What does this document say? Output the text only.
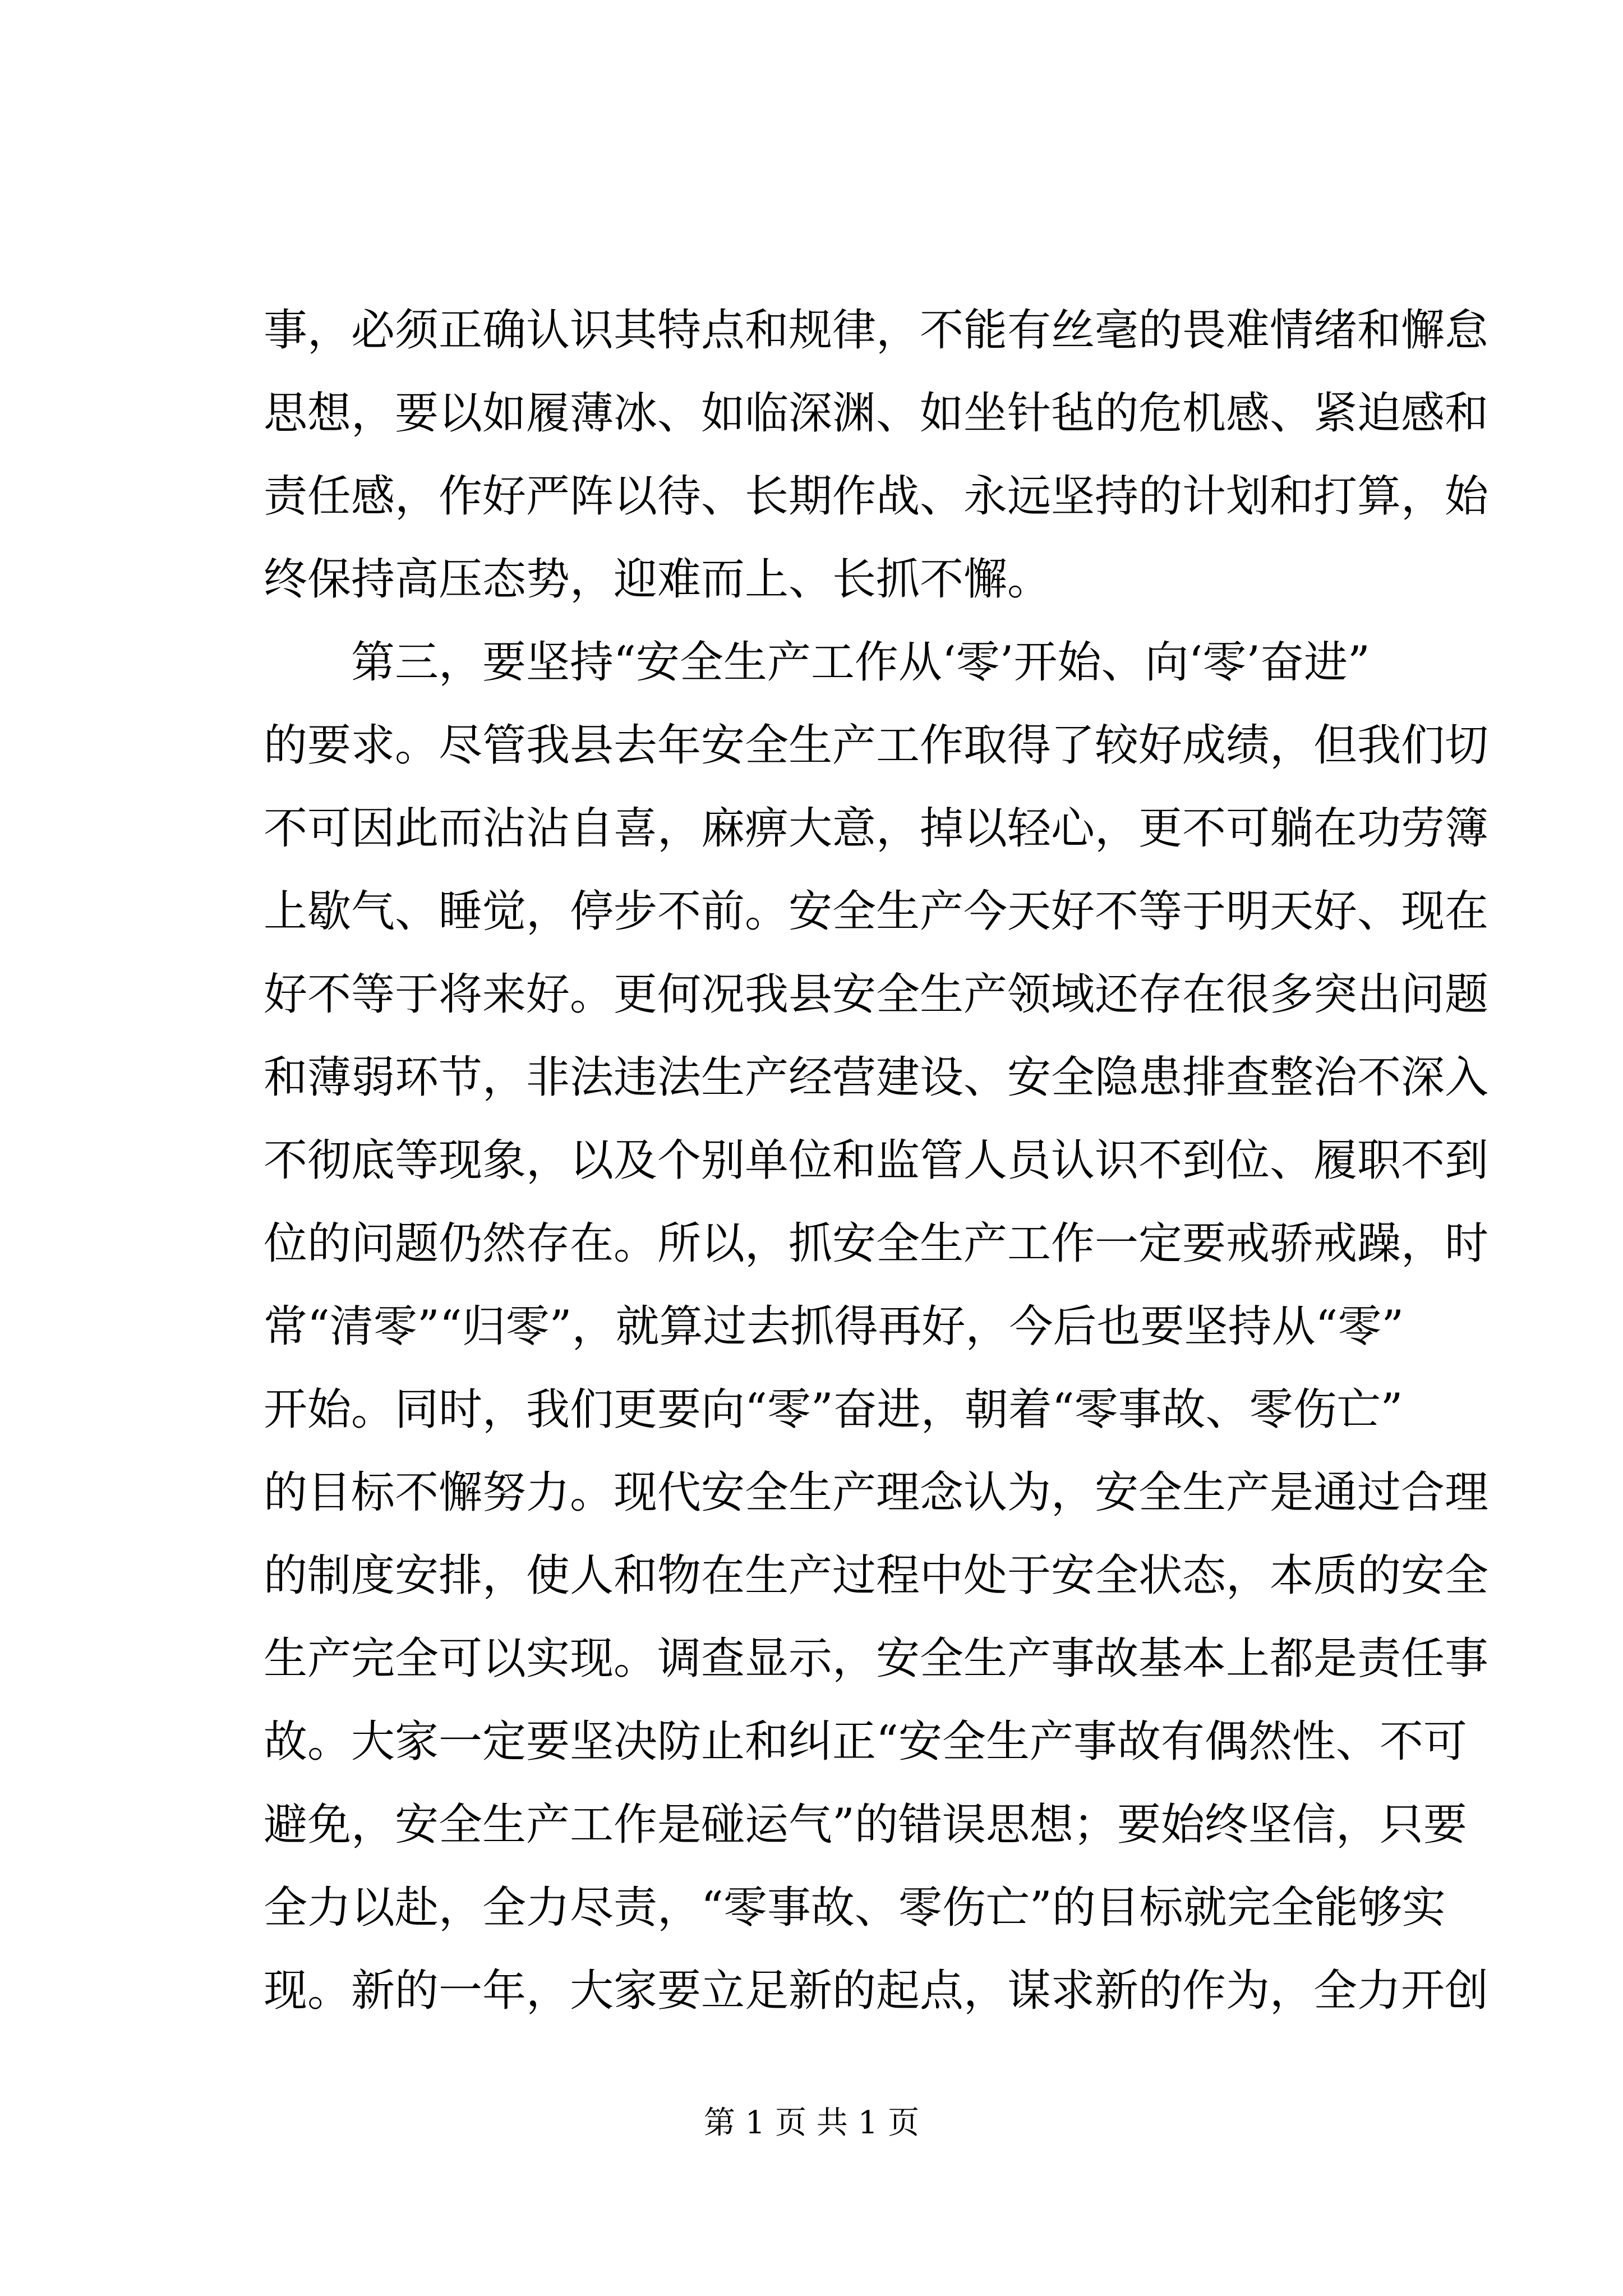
事，必须正确认识其特点和规律，不能有丝毫的畏难情绪和懈怠
思想，要以如履薄冰、如临深渊、如坐针毡的危机感、紧迫感和
责任感，作好严阵以待、长期作战、永远坚持的计划和打算，始
终保持高压态势，迎难而上、长抓不懈。
　　第三，要坚持“安全生产工作从‘零’开始、向‘零’奋进”
的要求。尽管我县去年安全生产工作取得了较好成绩，但我们切
不可因此而沾沾自喜，麻痹大意，掉以轻心，更不可躺在功劳簿
上歇气、睡觉，停步不前。安全生产今天好不等于明天好、现在
好不等于将来好。更何况我县安全生产领域还存在很多突出问题
和薄弱环节，非法违法生产经营建设、安全隐患排查整治不深入
不彻底等现象，以及个别单位和监管人员认识不到位、履职不到
位的问题仍然存在。所以，抓安全生产工作一定要戒骄戒躁，时
常“清零”“归零”，就算过去抓得再好，今后也要坚持从“零”
开始。同时，我们更要向“零”奋进，朝着“零事故、零伤亡”
的目标不懈努力。现代安全生产理念认为，安全生产是通过合理
的制度安排，使人和物在生产过程中处于安全状态，本质的安全
生产完全可以实现。调查显示，安全生产事故基本上都是责任事
故。大家一定要坚决防止和纠正“安全生产事故有偶然性、不可
避免，安全生产工作是碰运气”的错误思想；要始终坚信，只要
全力以赴，全力尽责，“零事故、零伤亡”的目标就完全能够实
现。新的一年，大家要立足新的起点，谋求新的作为，全力开创
第 1 页 共 1 页
